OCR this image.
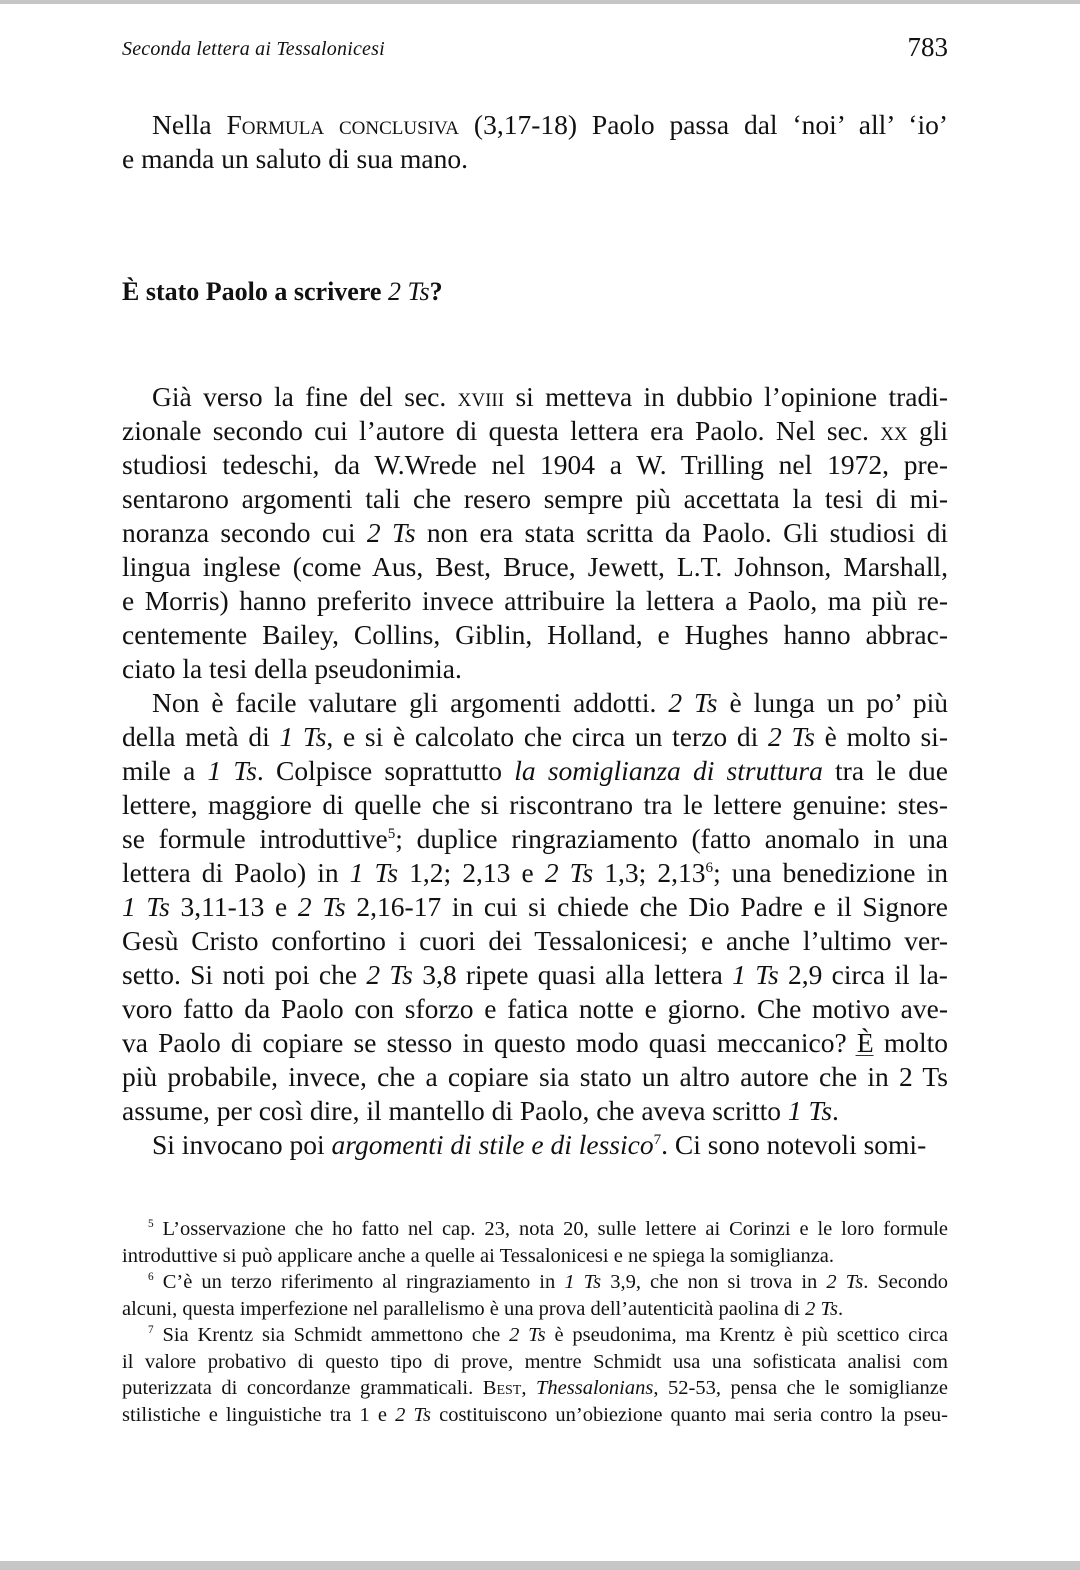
Seconda lettera ai Tessalonicesi	783
Nella Formula conclusiva (3,17-18) Paolo passa dal ‘noi’ all’ ‘io’
e manda un saluto di sua mano.
È stato Paolo a scrivere 2 Ts?
Già verso la fine del sec. xviii si metteva in dubbio l’opinione tradi-
zionale secondo cui l’autore di questa lettera era Paolo. Nel sec. xx gli
studiosi tedeschi, da W.Wrede nel 1904 a W. Trilling nel 1972, pre-
sentarono argomenti tali che resero sempre più accettata la tesi di mi-
noranza secondo cui 2 Ts non era stata scritta da Paolo. Gli studiosi di
lingua inglese (come Aus, Best, Bruce, Jewett, L.T. Johnson, Marshall,
e Morris) hanno preferito invece attribuire la lettera a Paolo, ma più re-
centemente Bailey, Collins, Giblin, Holland, e Hughes hanno abbrac-
ciato la tesi della pseudonimia.
Non è facile valutare gli argomenti addotti. 2 Ts è lunga un po’ più
della metà di 1 Ts, e si è calcolato che circa un terzo di 2 Ts è molto si-
mile a 1 Ts. Colpisce soprattutto la somiglianza di struttura tra le due
lettere, maggiore di quelle che si riscontrano tra le lettere genuine: stes-
se formule introduttive$^5$; duplice ringraziamento (fatto anomalo in una
lettera di Paolo) in 1 Ts 1,2; 2,13 e 2 Ts 1,3; 2,13$^6$; una benedizione in
1 Ts 3,11-13 e 2 Ts 2,16-17 in cui si chiede che Dio Padre e il Signore
Gesù Cristo confortino i cuori dei Tessalonicesi; e anche l’ultimo ver-
setto. Si noti poi che 2 Ts 3,8 ripete quasi alla lettera 1 Ts 2,9 circa il la-
voro fatto da Paolo con sforzo e fatica notte e giorno. Che motivo ave-
va Paolo di copiare se stesso in questo modo quasi meccanico? È molto
più probabile, invece, che a copiare sia stato un altro autore che in 2 Ts
assume, per così dire, il mantello di Paolo, che aveva scritto 1 Ts.
Si invocano poi argomenti di stile e di lessico$^7$. Ci sono notevoli somi-
$^5$ L’osservazione che ho fatto nel cap. 23, nota 20, sulle lettere ai Corinzi e le loro formule
introduttive si può applicare anche a quelle ai Tessalonicesi e ne spiega la somiglianza.
$^6$ C’è un terzo riferimento al ringraziamento in 1 Ts 3,9, che non si trova in 2 Ts. Secondo
alcuni, questa imperfezione nel parallelismo è una prova dell’autenticità paolina di 2 Ts.
$^7$ Sia Krentz sia Schmidt ammettono che 2 Ts è pseudonima, ma Krentz è più scettico circa
il valore probativo di questo tipo di prove, mentre Schmidt usa una sofisticata analisi com
puterizzata di concordanze grammaticali. Best, Thessalonians, 52-53, pensa che le somiglianze
stilistiche e linguistiche tra 1 e 2 Ts costituiscono un’obiezione quanto mai seria contro la pseu-
